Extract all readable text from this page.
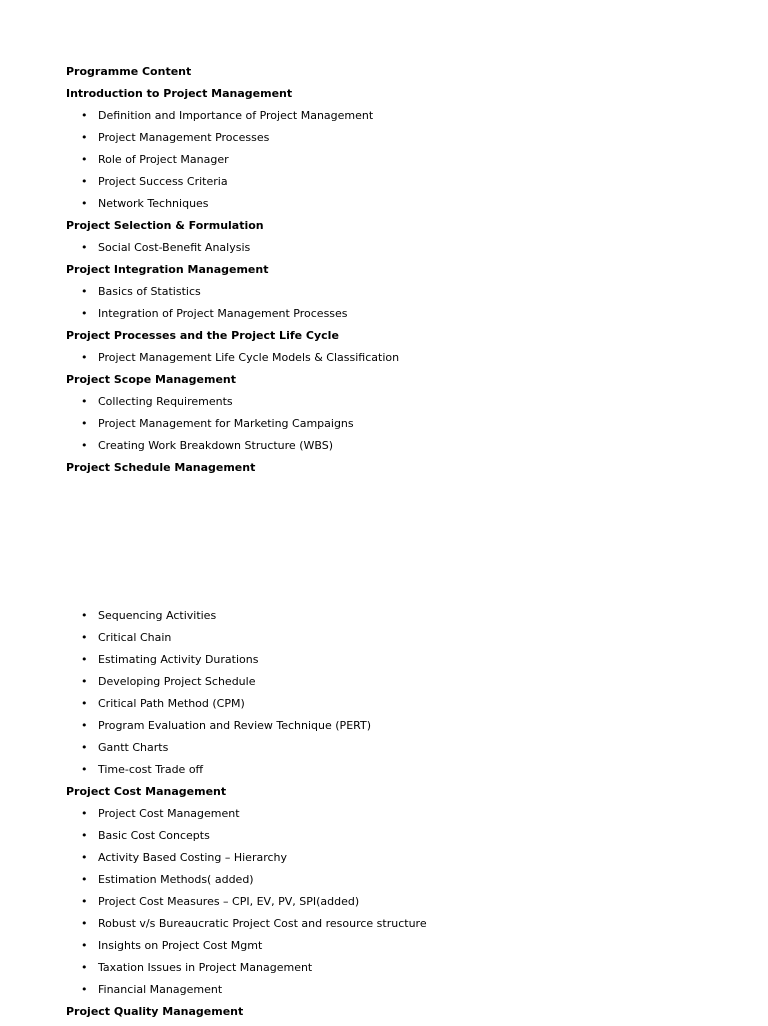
Programme Content
Introduction to Project Management
• Definition and Importance of Project Management
• Project Management Processes
• Role of Project Manager
• Project Success Criteria
• Network Techniques
Project Selection & Formulation
• Social Cost-Benefit Analysis
Project Integration Management
• Basics of Statistics
• Integration of Project Management Processes
Project Processes and the Project Life Cycle
• Project Management Life Cycle Models & Classification
Project Scope Management
• Collecting Requirements
• Project Management for Marketing Campaigns
• Creating Work Breakdown Structure (WBS)
Project Schedule Management
• Sequencing Activities
• Critical Chain
• Estimating Activity Durations
• Developing Project Schedule
• Critical Path Method (CPM)
• Program Evaluation and Review Technique (PERT)
• Gantt Charts
• Time-cost Trade off
Project Cost Management
• Project Cost Management
• Basic Cost Concepts
• Activity Based Costing – Hierarchy
• Estimation Methods( added)
• Project Cost Measures – CPI, EV, PV, SPI(added)
• Robust v/s Bureaucratic Project Cost and resource structure
• Insights on Project Cost Mgmt
• Taxation Issues in Project Management
• Financial Management
Project Quality Management
